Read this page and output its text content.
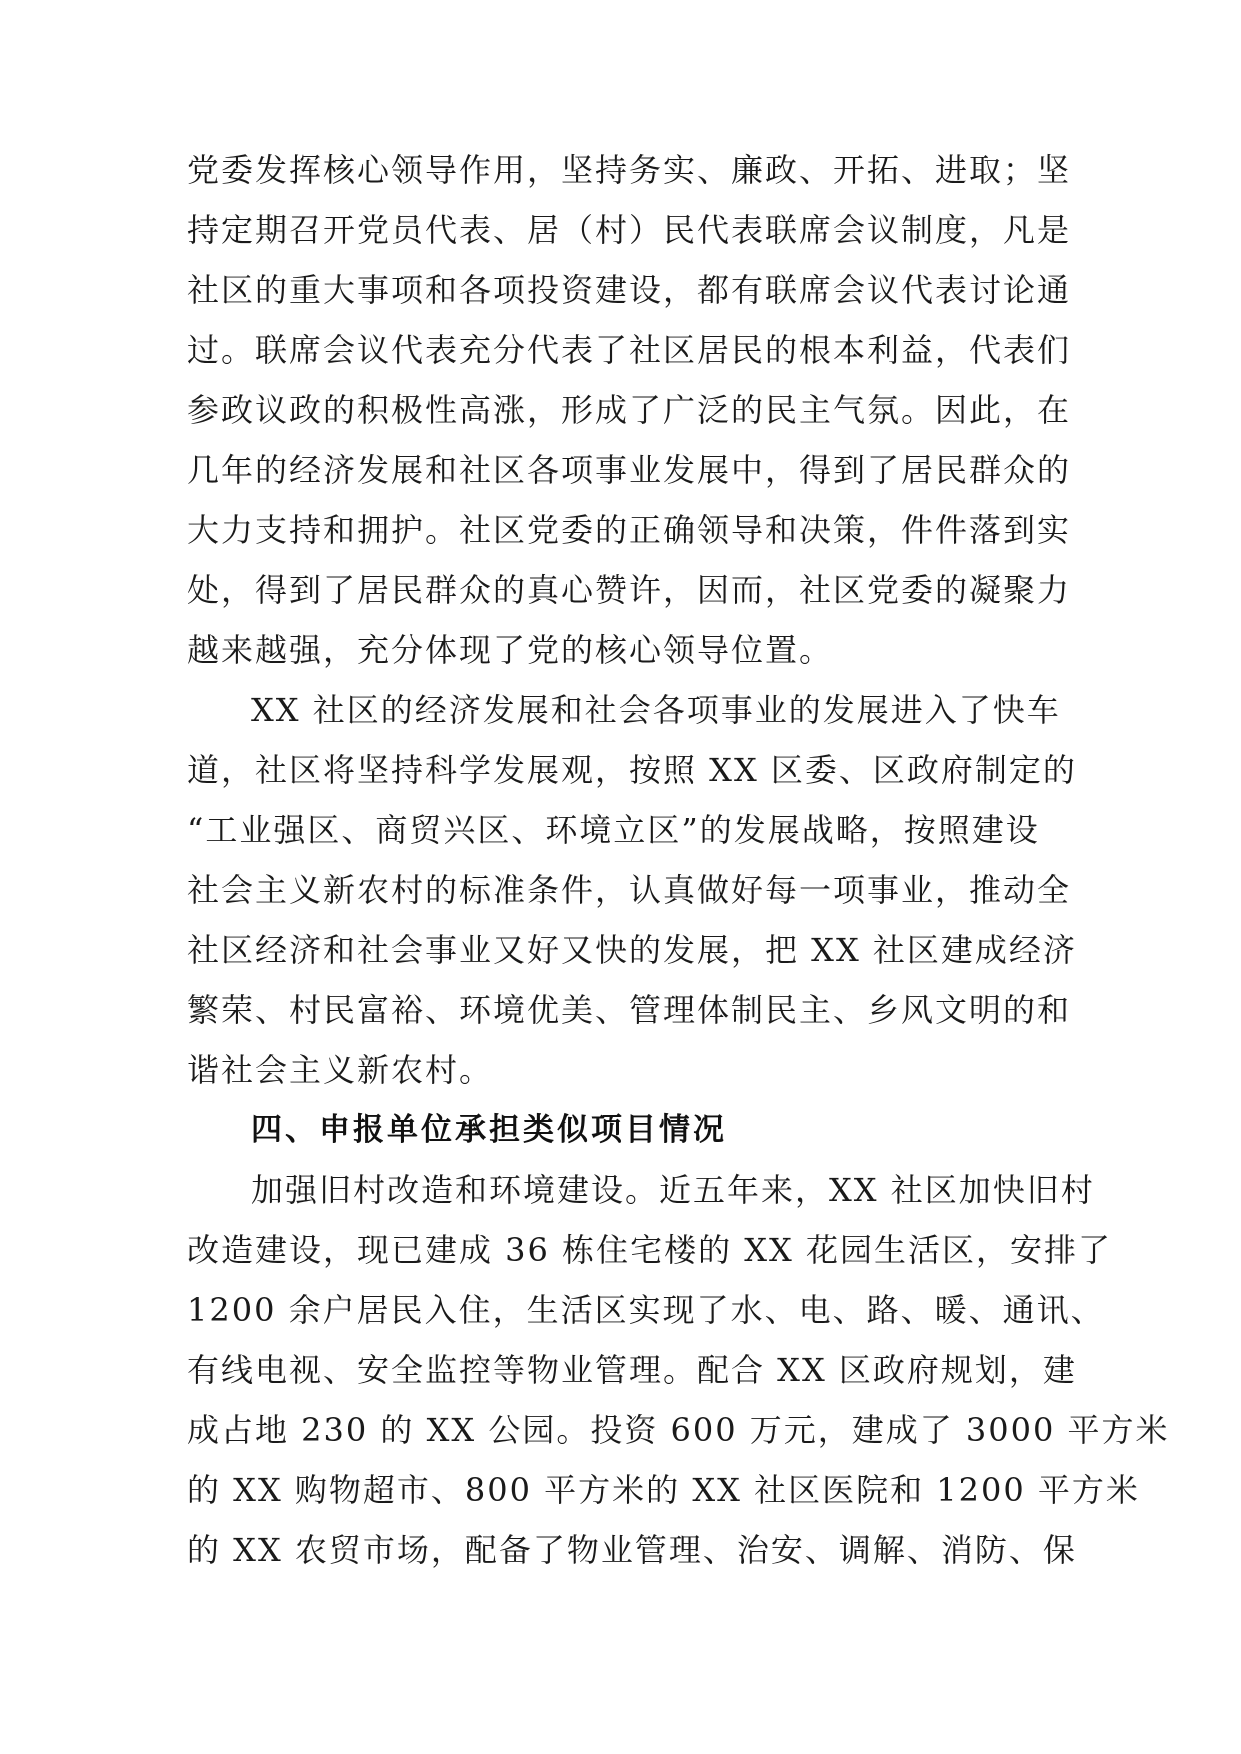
党委发挥核心领导作用，坚持务实、廉政、开拓、进取；坚
持定期召开党员代表、居（村）民代表联席会议制度，凡是
社区的重大事项和各项投资建设，都有联席会议代表讨论通
过。联席会议代表充分代表了社区居民的根本利益，代表们
参政议政的积极性高涨，形成了广泛的民主气氛。因此，在
几年的经济发展和社区各项事业发展中，得到了居民群众的
大力支持和拥护。社区党委的正确领导和决策，件件落到实
处，得到了居民群众的真心赞许，因而，社区党委的凝聚力
越来越强，充分体现了党的核心领导位置。
XX 社区的经济发展和社会各项事业的发展进入了快车
道，社区将坚持科学发展观，按照 XX 区委、区政府制定的
“工业强区、商贸兴区、环境立区”的发展战略，按照建设
社会主义新农村的标准条件，认真做好每一项事业，推动全
社区经济和社会事业又好又快的发展，把 XX 社区建成经济
繁荣、村民富裕、环境优美、管理体制民主、乡风文明的和
谐社会主义新农村。
四、申报单位承担类似项目情况
加强旧村改造和环境建设。近五年来，XX 社区加快旧村
改造建设，现已建成 36 栋住宅楼的 XX 花园生活区，安排了
1200 余户居民入住，生活区实现了水、电、路、暖、通讯、
有线电视、安全监控等物业管理。配合 XX 区政府规划，建
成占地 230 的 XX 公园。投资 600 万元，建成了 3000 平方米
的 XX 购物超市、800 平方米的 XX 社区医院和 1200 平方米
的 XX 农贸市场，配备了物业管理、治安、调解、消防、保
